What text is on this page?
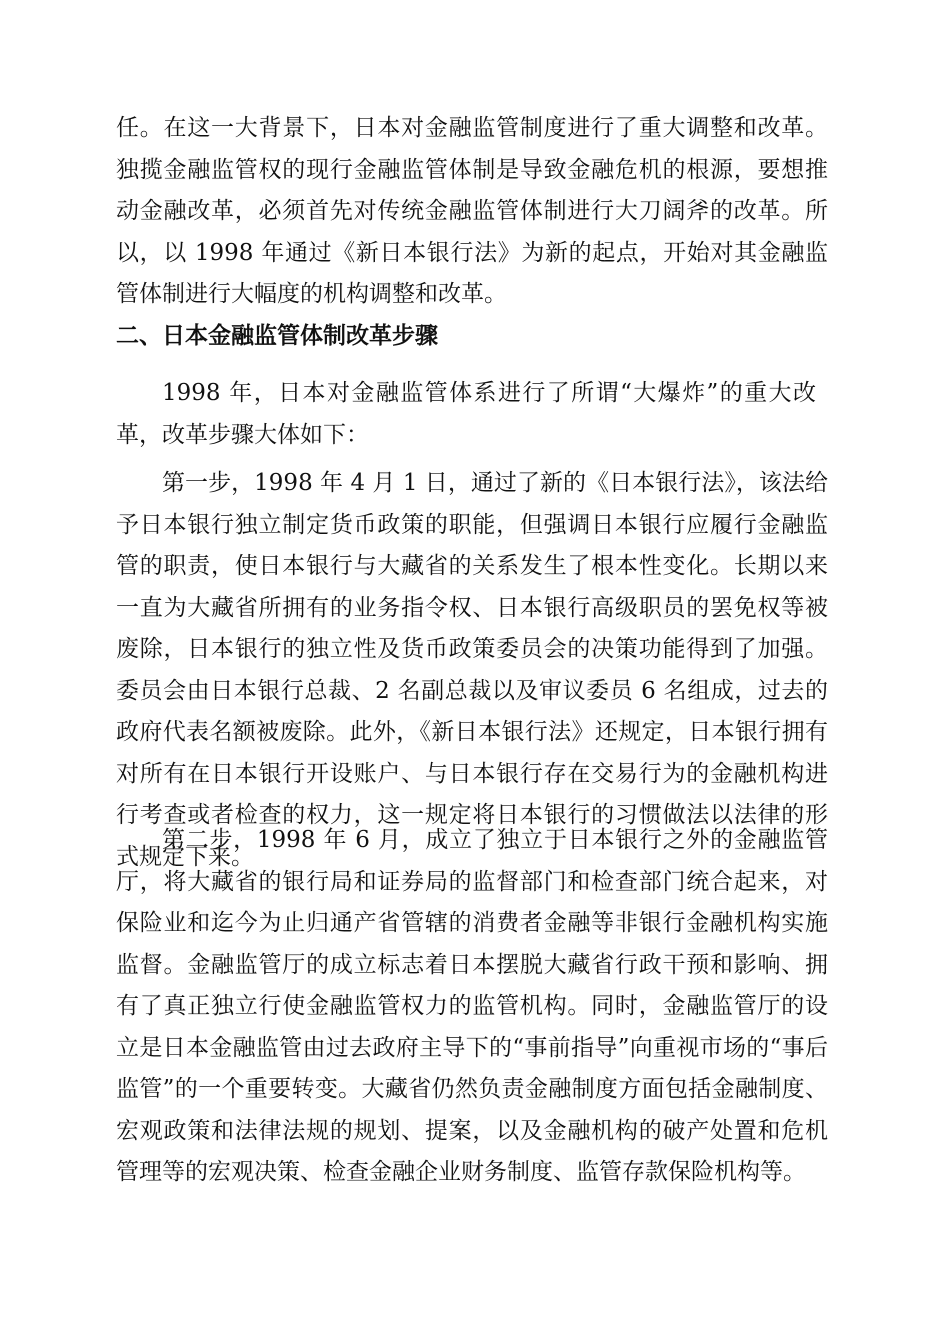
任。在这一大背景下，日本对金融监管制度进行了重大调整和改革。独揽金融监管权的现行金融监管体制是导致金融危机的根源，要想推动金融改革，必须首先对传统金融监管体制进行大刀阔斧的改革。所以，以 1998 年通过《新日本银行法》为新的起点，开始对其金融监管体制进行大幅度的机构调整和改革。

二、日本金融监管体制改革步骤

1998 年，日本对金融监管体系进行了所谓“大爆炸”的重大改革，改革步骤大体如下：

第一步，1998 年 4 月 1 日，通过了新的《日本银行法》，该法给予日本银行独立制定货币政策的职能，但强调日本银行应履行金融监管的职责，使日本银行与大藏省的关系发生了根本性变化。长期以来一直为大藏省所拥有的业务指令权、日本银行高级职员的罢免权等被废除，日本银行的独立性及货币政策委员会的决策功能得到了加强。委员会由日本银行总裁、2 名副总裁以及审议委员 6 名组成，过去的政府代表名额被废除。此外，《新日本银行法》还规定，日本银行拥有对所有在日本银行开设账户、与日本银行存在交易行为的金融机构进行考查或者检查的权力，这一规定将日本银行的习惯做法以法律的形式规定下来。

第二步，1998 年 6 月，成立了独立于日本银行之外的金融监管厅，将大藏省的银行局和证券局的监督部门和检查部门统合起来，对保险业和迄今为止归通产省管辖的消费者金融等非银行金融机构实施监督。金融监管厅的成立标志着日本摆脱大藏省行政干预和影响、拥有了真正独立行使金融监管权力的监管机构。同时，金融监管厅的设立是日本金融监管由过去政府主导下的“事前指导”向重视市场的“事后监管”的一个重要转变。大藏省仍然负责金融制度方面包括金融制度、宏观政策和法律法规的规划、提案，以及金融机构的破产处置和危机管理等的宏观决策、检查金融企业财务制度、监管存款保险机构等。
